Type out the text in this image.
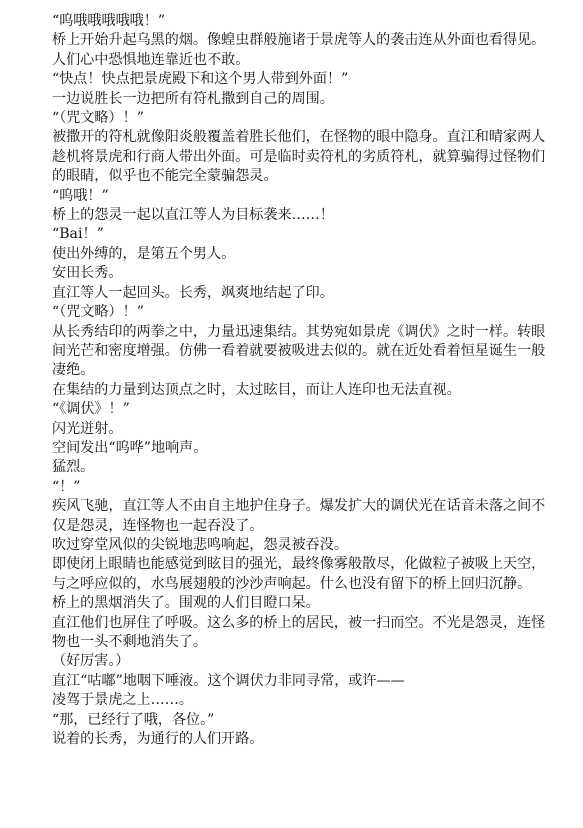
“呜哦哦哦哦哦！”

桥上开始升起乌黑的烟。像蝗虫群般施诸于景虎等人的袭击连从外面也看得见。人们心中恐惧地连靠近也不敢。

“快点！快点把景虎殿下和这个男人带到外面！”

一边说胜长一边把所有符札撒到自己的周围。

“（咒文略）！”

被撒开的符札就像阳炎般覆盖着胜长他们，在怪物的眼中隐身。直江和晴家两人趁机将景虎和行商人带出外面。可是临时卖符札的劣质符札，就算骗得过怪物们的眼睛，似乎也不能完全蒙骗怨灵。

“呜哦！”

桥上的怨灵一起以直江等人为目标袭来……！

“Bai！”

使出外缚的，是第五个男人。

安田长秀。

直江等人一起回头。长秀，飒爽地结起了印。

“（咒文略）！”

从长秀结印的两拳之中，力量迅速集结。其势宛如景虎《调伏》之时一样。转眼间光芒和密度增强。仿佛一看着就要被吸进去似的。就在近处看着恒星诞生一般凄绝。

在集结的力量到达顶点之时，太过眩目，而让人连印也无法直视。

“《调伏》！”

闪光迸射。

空间发出“呜哗”地响声。

猛烈。

“！”

疾风飞驰，直江等人不由自主地护住身子。爆发扩大的调伏光在话音未落之间不仅是怨灵，连怪物也一起吞没了。

吹过穿堂风似的尖锐地悲鸣响起，怨灵被吞没。

即使闭上眼睛也能感觉到眩目的强光，最终像雾般散尽，化做粒子被吸上天空，与之呼应似的，水鸟展翅般的沙沙声响起。什么也没有留下的桥上回归沉静。

桥上的黑烟消失了。围观的人们目瞪口呆。

直江他们也屏住了呼吸。这么多的桥上的居民，被一扫而空。不光是怨灵，连怪物也一头不剩地消失了。

（好厉害。）

直江“咕嘟”地咽下唾液。这个调伏力非同寻常，或许——

凌驾于景虎之上……。

“那，已经行了哦，各位。”

说着的长秀，为通行的人们开路。
